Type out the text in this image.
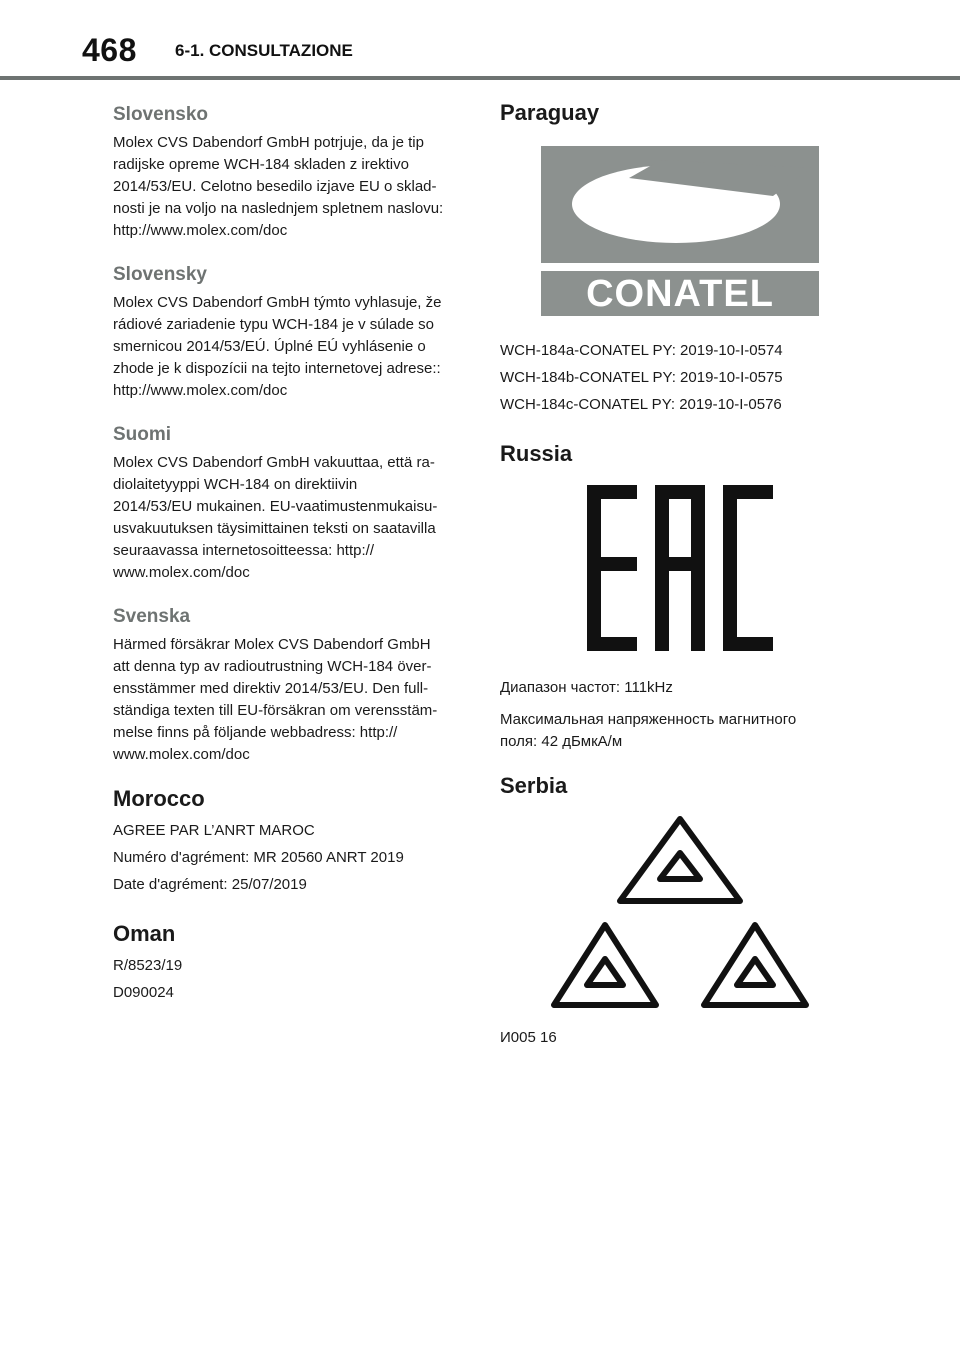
468 6-1. CONSULTAZIONE
Slovensko

Molex CVS Dabendorf GmbH potrjuje, da je tip
radijske opreme WCH-184 skladen z irektivo
2014/53/EU. Celotno besedilo izjave EU o sklad-
nosti je na voljo na naslednjem spletnem naslovu:
http://www.molex.com/doc

Slovensky

Molex CVS Dabendorf GmbH týmto vyhlasuje, že
rádiové zariadenie typu WCH-184 je v súlade so
smernicou 2014/53/EÚ. Úplné EÚ vyhlásenie o
zhode je k dispozícii na tejto internetovej adrese::
http://www.molex.com/doc

Suomi

Molex CVS Dabendorf GmbH vakuuttaa, että ra-
diolaitetyyppi WCH-184 on direktiivin
2014/53/EU mukainen. EU-vaatimustenmukaisu-
usvakuutuksen täysimittainen teksti on saatavilla
seuraavassa internetosoitteessa: http://
www.molex.com/doc

Svenska

Härmed försäkrar Molex CVS Dabendorf GmbH
att denna typ av radioutrustning WCH-184 över-
ensstämmer med direktiv 2014/53/EU. Den full-
ständiga texten till EU-försäkran om verensstäm-
melse finns på följande webbadress: http://
www.molex.com/doc

Morocco
AGREE PAR L’ANRT MAROC
Numéro d'agrément: MR 20560 ANRT 2019
Date d'agrément: 25/07/2019
Oman
R/8523/19
D090024
Paraguay
CONATEL
WCH-184a-CONATEL PY: 2019-10-I-0574
WCH-184b-CONATEL PY: 2019-10-I-0575
WCH-184c-CONATEL PY: 2019-10-I-0576
Russia
Диапазон частот: 111kHz

Максимальная напряженность магнитного
поля: 42 дБмкА/м

Serbia
И005 16
